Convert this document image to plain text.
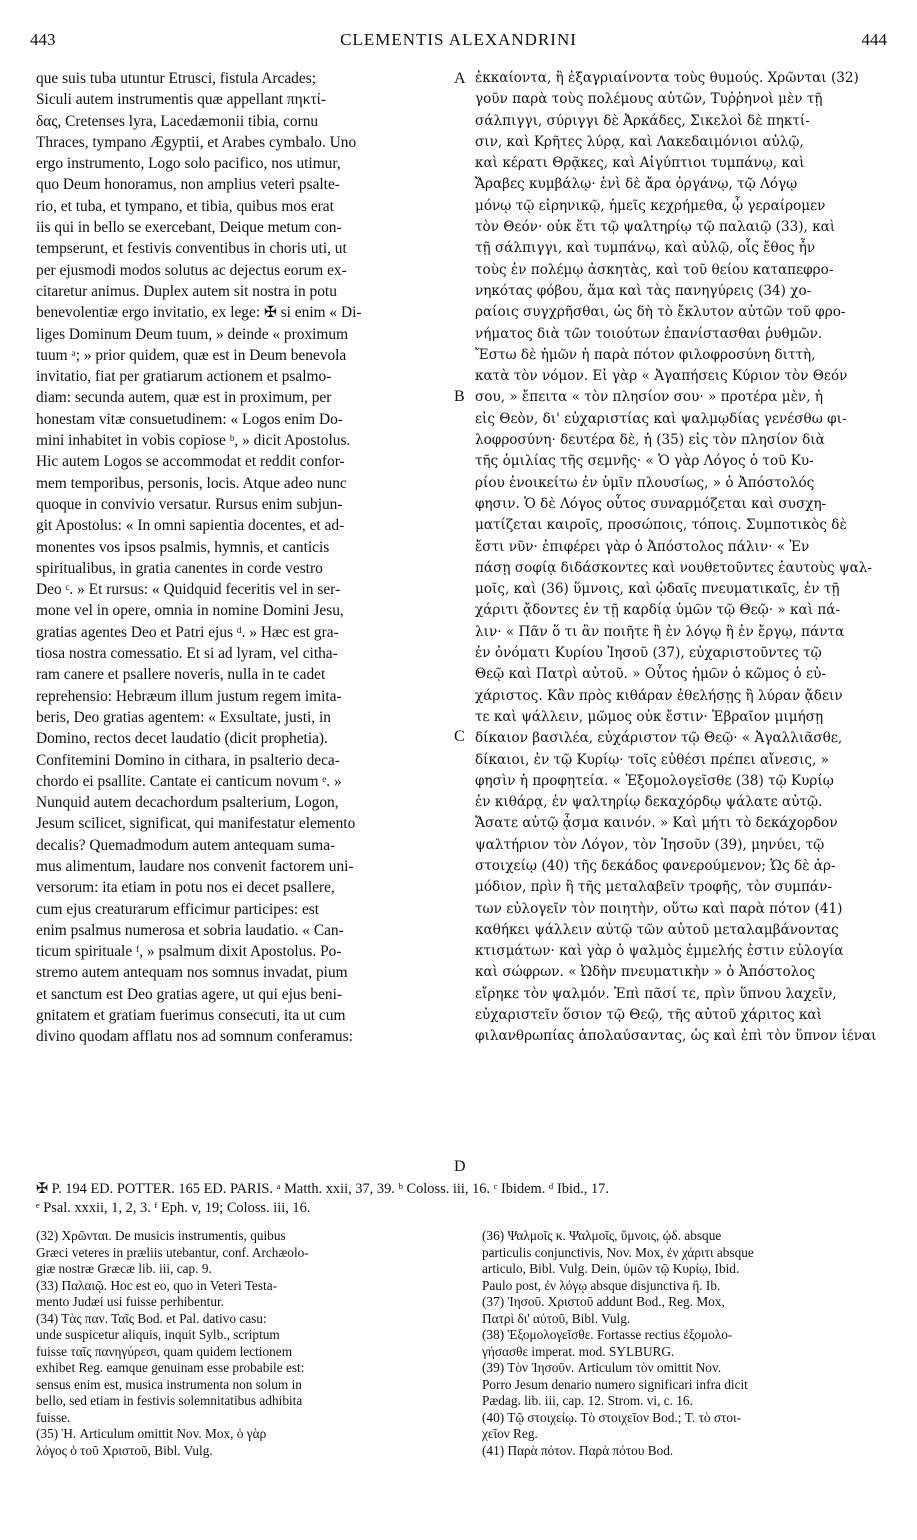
443	CLEMENTIS ALEXANDRINI	444
que suis tuba utuntur Etrusci, fistula Arcades;
Siculi autem instrumentis quæ appellant πηκτί-
δας, Cretenses lyra, Lacedæmonii tibia, cornu
Thraces, tympano Ægyptii, et Arabes cymbalo. Uno
ergo instrumento, Logo solo pacifico, nos utimur,
quo Deum honoramus, non amplius veteri psalte-
rio, et tuba, et tympano, et tibia, quibus mos erat
iis qui in bello se exercebant, Deique metum con-
tempserunt, et festivis conventibus in choris uti, ut
per ejusmodi modos solutus ac dejectus eorum ex-
citaretur animus. Duplex autem sit nostra in potu
benevolentiæ ergo invitatio, ex lege: ✠ si enim « Di-
liges Dominum Deum tuum, » deinde « proximum
tuum ᵃ; » prior quidem, quæ est in Deum benevola
invitatio, fiat per gratiarum actionem et psalmo-
diam: secunda autem, quæ est in proximum, per
honestam vitæ consuetudinem: « Logos enim Do-
mini inhabitet in vobis copiose ᵇ, » dicit Apostolus.
Hic autem Logos se accommodat et reddit confor-
mem temporibus, personis, locis. Atque adeo nunc
quoque in convivio versatur. Rursus enim subjun-
git Apostolus: « In omni sapientia docentes, et ad-
monentes vos ipsos psalmis, hymnis, et canticis
spiritualibus, in gratia canentes in corde vestro
Deo ᶜ. » Et rursus: « Quidquid feceritis vel in ser-
mone vel in opere, omnia in nomine Domini Jesu,
gratias agentes Deo et Patri ejus ᵈ. » Hæc est gra-
tiosa nostra comessatio. Et si ad lyram, vel cithа-
ram canere et psallere noveris, nulla in te cadet
reprehensio: Hebræum illum justum regem imita-
beris, Deo gratias agentem: « Exsultate, justi, in
Domino, rectos decet laudatio (dicit prophetia).
Confitemini Domino in cithara, in psalterio deca-
chordo ei psallite. Cantate ei canticum novum ᵉ. »
Nunquid autem decachordum psalterium, Logon,
Jesum scilicet, significat, qui manifestatur elemento
decalis? Quemadmodum autem antequam suma-
mus alimentum, laudare nos convenit factorem uni-
versorum: ita etiam in potu nos ei decet psallere,
cum ejus creaturarum efficimur participes: est
enim psalmus numerosa et sobria laudatio. « Can-
ticum spirituale ᶠ, » psalmum dixit Apostolus. Po-
stremo autem antequam nos somnus invadat, pium
et sanctum est Deo gratias agere, ut qui ejus beni-
gnitatem et gratiam fuerimus consecuti, ita ut cum
divino quodam afflatu nos ad somnum conferamus:
ἐκκαίοντα, ἢ ἐξαγριαίνοντα τοὺς θυμούς. Χρῶνται (32)
γοῦν παρὰ τοὺς πολέμους αὐτῶν, Τυῤῥηνοὶ μὲν τῇ
σάλπιγγι, σύριγγι δὲ Ἀρκάδες, Σικελοὶ δὲ πηκτί-
σιν, καὶ Κρῆτες λύρᾳ, καὶ Λακεδαιμόνιοι αὐλῷ,
καὶ κέρατι Θρᾷκες, καὶ Αἰγύπτιοι τυμπάνῳ, καὶ
Ἄραβες κυμβάλῳ· ἑνὶ δὲ ἄρα ὀργάνῳ, τῷ Λόγῳ
μόνῳ τῷ εἰρηνικῷ, ἡμεῖς κεχρήμεθα, ᾧ γεραίρομεν
τὸν Θεόν· οὐκ ἔτι τῷ ψαλτηρίῳ τῷ παλαιῷ (33), καὶ
τῇ σάλπιγγι, καὶ τυμπάνῳ, καὶ αὐλῷ, οἷς ἔθος ἦν
τοὺς ἐν πολέμῳ ἀσκητὰς, καὶ τοῦ θείου καταπεφρο-
νηκότας φόβου, ἅμα καὶ τὰς πανηγύρεις (34) χο-
ραίοις συγχρῆσθαι, ὡς δὴ τὸ ἔκλυτον αὐτῶν τοῦ φρο-
νήματος διὰ τῶν τοιούτων ἐπανίστασθαι ῥυθμῶν.
Ἔστω δὲ ἡμῶν ἡ παρὰ πότον φιλοφροσύνη διττὴ,
κατὰ τὸν νόμον. Εἰ γὰρ « Ἀγαπήσεις Κύριον τὸν Θεόν
σου, » ἔπειτα « τὸν πλησίον σου· » προτέρα μὲν, ἡ
εἰς Θεὸν, δι' εὐχαριστίας καὶ ψαλμῳδίας γενέσθω φι-
λοφροσύνη· δευτέρα δὲ, ἡ (35) εἰς τὸν πλησίον διὰ
τῆς ὁμιλίας τῆς σεμνῆς· « Ὁ γὰρ Λόγος ὁ τοῦ Κυ-
ρίου ἐνοικείτω ἐν ὑμῖν πλουσίως, » ὁ Ἀπόστολός
φησιν. Ὁ δὲ Λόγος οὗτος συναρμόζεται καὶ συσχη-
ματίζεται καιροῖς, προσώποις, τόποις. Συμποτικὸς δὲ
ἔστι νῦν· ἐπιφέρει γὰρ ὁ Ἀπόστολος πάλιν· « Ἐν
πάσῃ σοφίᾳ διδάσκοντες καὶ νουθετοῦντες ἑαυτοὺς ψαλ-
μοῖς, καὶ (36) ὕμνοις, καὶ ᾠδαῖς πνευματικαῖς, ἐν τῇ
χάριτι ᾄδοντες ἐν τῇ καρδίᾳ ὑμῶν τῷ Θεῷ· » καὶ πά-
λιν· « Πᾶν ὅ τι ἂν ποιῆτε ἢ ἐν λόγῳ ἢ ἐν ἔργῳ, πάντα
ἐν ὀνόματι Κυρίου Ἰησοῦ (37), εὐχαριστοῦντες τῷ
Θεῷ καὶ Πατρὶ αὐτοῦ. » Οὗτος ἡμῶν ὁ κῶμος ὁ εὐ-
χάριστος. Κἂν πρὸς κιθάραν ἐθελήσῃς ἢ λύραν ᾄδειν
τε καὶ ψάλλειν, μῶμος οὐκ ἔστιν· Ἑβραῖον μιμήσῃ
δίκαιον βασιλέα, εὐχάριστον τῷ Θεῷ· « Ἀγαλλιᾶσθε,
δίκαιοι, ἐν τῷ Κυρίῳ· τοῖς εὐθέσι πρέπει αἴνεσις, »
φησὶν ἡ προφητεία. « Ἐξομολογεῖσθε (38) τῷ Κυρίῳ
ἐν κιθάρᾳ, ἐν ψαλτηρίῳ δεκαχόρδῳ ψάλατε αὐτῷ.
Ἄσατε αὐτῷ ᾆσμα καινόν. » Καὶ μήτι τὸ δεκάχορδον
ψαλτήριον τὸν Λόγον, τὸν Ἰησοῦν (39), μηνύει, τῷ
στοιχείῳ (40) τῆς δεκάδος φανερούμενον; Ὡς δὲ ἁρ-
μόδιον, πρὶν ἢ τῆς μεταλαβεῖν τροφῆς, τὸν συμπάν-
των εὐλογεῖν τὸν ποιητὴν, οὕτω καὶ παρὰ πότον (41)
καθήκει ψάλλειν αὐτῷ τῶν αὐτοῦ μεταλαμβάνοντας
κτισμάτων· καὶ γὰρ ὁ ψαλμὸς ἐμμελής ἐστιν εὐλογία
καὶ σώφρων. « Ὠδὴν πνευματικὴν » ὁ Ἀπόστολος
εἴρηκε τὸν ψαλμόν. Ἐπὶ πᾶσί τε, πρὶν ὕπνου λαχεῖν,
εὐχαριστεῖν ὅσιον τῷ Θεῷ, τῆς αὐτοῦ χάριτος καὶ
φιλανθρωπίας ἀπολαύσαντας, ὡς καὶ ἐπὶ τὸν ὕπνον ἰέναι
A
B
C
D
✠ P. 194 ED. POTTER. 165 ED. PARIS. ᵃ Matth. xxii, 37, 39. ᵇ Coloss. iii, 16. ᶜ Ibidem. ᵈ Ibid., 17.
ᵉ Psal. xxxii, 1, 2, 3. ᶠ Eph. v, 19; Coloss. iii, 16.
(32) Χρῶνται. De musicis instrumentis, quibus
Græci veteres in præliis utebantur, conf. Archæolo-
giæ nostræ Græcæ lib. iii, cap. 9.
(33) Παλαιῷ. Hoc est eo, quo in Veteri Testa-
mento Judæi usi fuisse perhibentur.
(34) Τὰς παν. Ταῖς Bod. et Pal. dativo casu:
unde suspicetur aliquis, inquit Sylb., scriptum
fuisse ταῖς πανηγύρεσι, quam quidem lectionem
exhibet Reg. eamque genuinam esse probabile est:
sensus enim est, musica instrumenta non solum in
bello, sed etiam in festivis solemnitatibus adhibita
fuisse.
(35) Ἡ. Articulum omittit Nov. Mox, ὁ γὰρ
λόγος ὁ τοῦ Χριστοῦ, Bibl. Vulg.
(36) Ψαλμοῖς κ. Ψαλμοῖς, ὕμνοις, ᾠδ. absque
particulis conjunctivis, Nov. Mox, ἐν χάριτι absque
articulo, Bibl. Vulg. Dein, ὑμῶν τῷ Κυρίῳ, Ibid.
Paulo post, ἐν λόγῳ absque disjunctiva ἢ. Ib.
(37) Ἰησοῦ. Χριστοῦ addunt Bod., Reg. Mox,
Πατρὶ δι' αὐτοῦ, Bibl. Vulg.
(38) Ἐξομολογεῖσθε. Fortasse rectius ἐξομολο-
γήσασθε imperat. mod. SYLBURG.
(39) Τὸν Ἰησοῦν. Articulum τὸν omittit Nov.
Porro Jesum denario numero significari infra dicit
Pædag. lib. iii, cap. 12. Strom. vi, c. 16.
(40) Τῷ στοιχείῳ. Τὸ στοιχεῖον Bod.; Τ. τὸ στοι-
χεῖον Reg.
(41) Παρὰ πότον. Παρὰ πότου Bod.
